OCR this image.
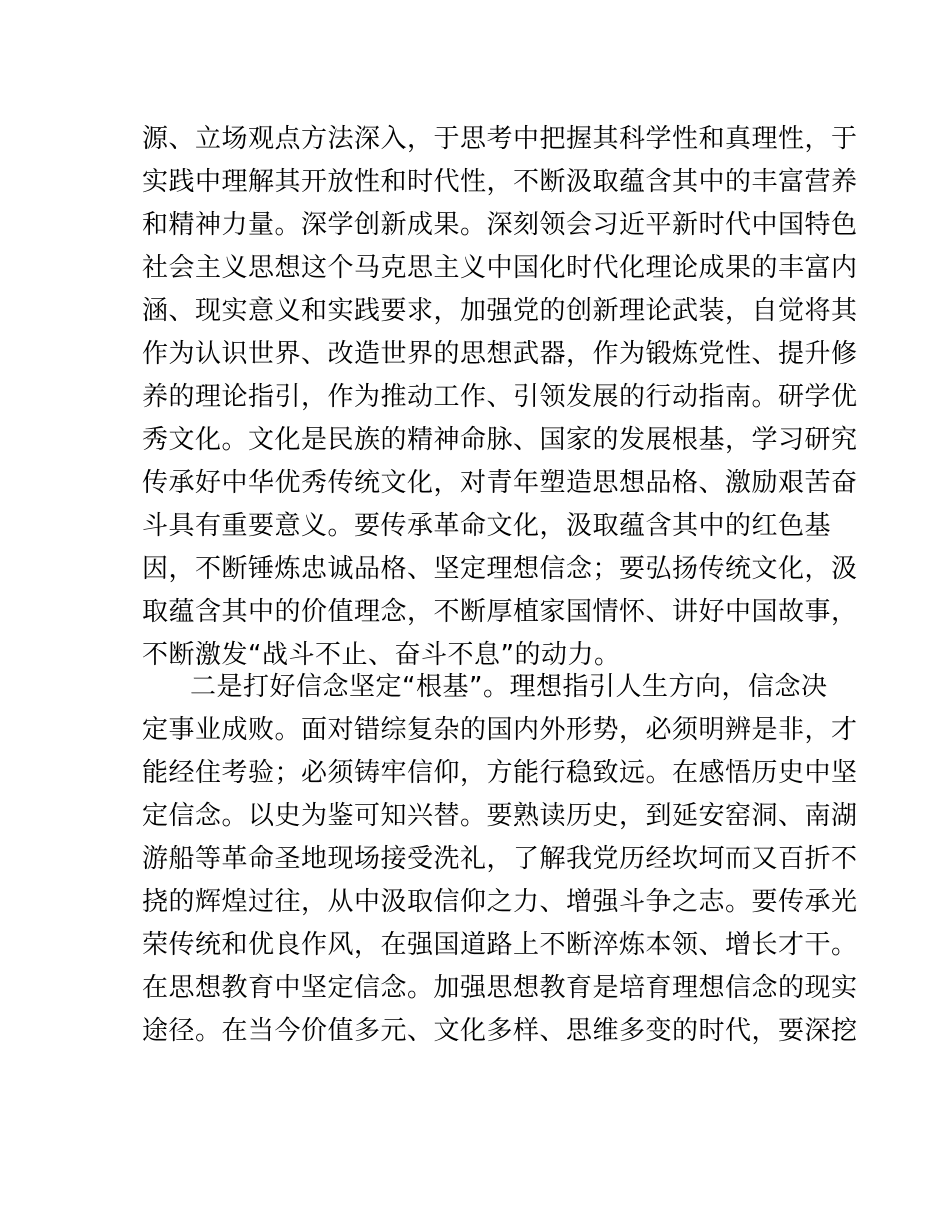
源、立场观点方法深入，于思考中把握其科学性和真理性，于
实践中理解其开放性和时代性，不断汲取蕴含其中的丰富营养
和精神力量。深学创新成果。深刻领会习近平新时代中国特色
社会主义思想这个马克思主义中国化时代化理论成果的丰富内
涵、现实意义和实践要求，加强党的创新理论武装，自觉将其
作为认识世界、改造世界的思想武器，作为锻炼党性、提升修
养的理论指引，作为推动工作、引领发展的行动指南。研学优
秀文化。文化是民族的精神命脉、国家的发展根基，学习研究
传承好中华优秀传统文化，对青年塑造思想品格、激励艰苦奋
斗具有重要意义。要传承革命文化，汲取蕴含其中的红色基
因，不断锤炼忠诚品格、坚定理想信念；要弘扬传统文化，汲
取蕴含其中的价值理念，不断厚植家国情怀、讲好中国故事，
不断激发“战斗不止、奋斗不息”的动力。
二是打好信念坚定“根基”。理想指引人生方向，信念决
定事业成败。面对错综复杂的国内外形势，必须明辨是非，才
能经住考验；必须铸牢信仰，方能行稳致远。在感悟历史中坚
定信念。以史为鉴可知兴替。要熟读历史，到延安窑洞、南湖
游船等革命圣地现场接受洗礼，了解我党历经坎坷而又百折不
挠的辉煌过往，从中汲取信仰之力、增强斗争之志。要传承光
荣传统和优良作风，在强国道路上不断淬炼本领、增长才干。
在思想教育中坚定信念。加强思想教育是培育理想信念的现实
途径。在当今价值多元、文化多样、思维多变的时代，要深挖
